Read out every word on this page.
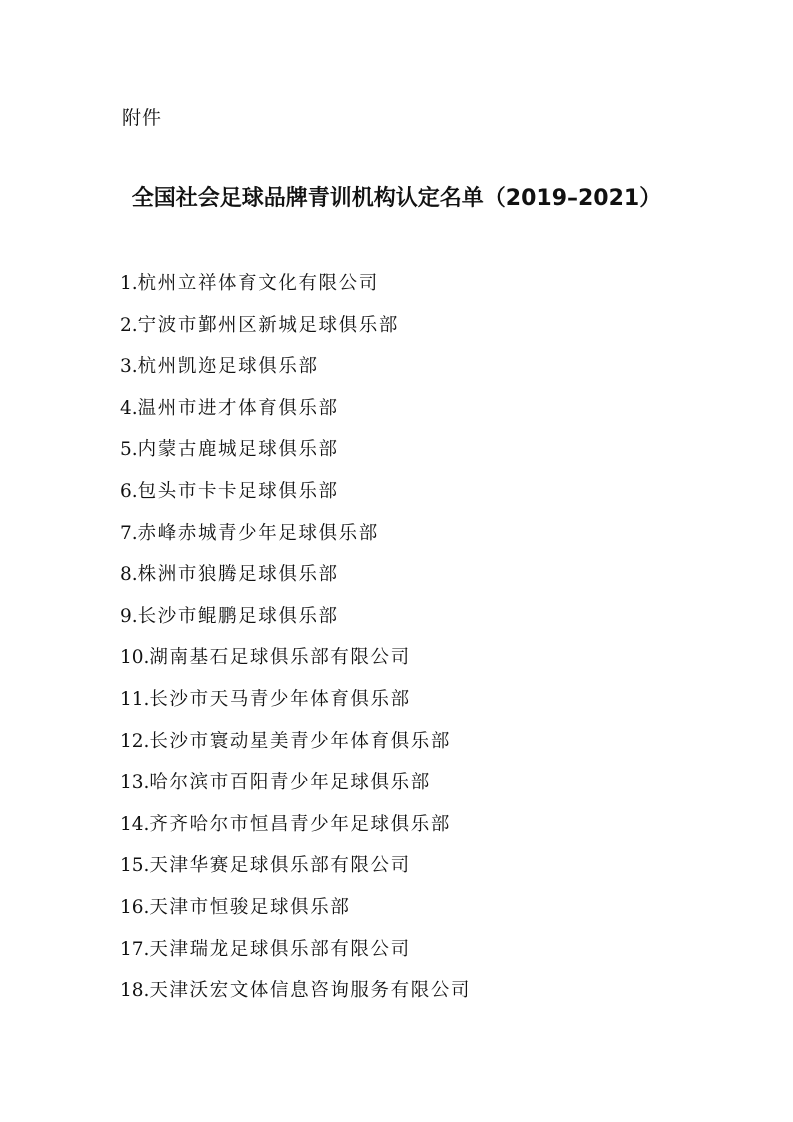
附件
全国社会足球品牌青训机构认定名单（2019–2021）
1. 杭州立祥体育文化有限公司
2. 宁波市鄞州区新城足球俱乐部
3. 杭州凯迩足球俱乐部
4. 温州市进才体育俱乐部
5. 内蒙古鹿城足球俱乐部
6. 包头市卡卡足球俱乐部
7. 赤峰赤城青少年足球俱乐部
8. 株洲市狼腾足球俱乐部
9. 长沙市鲲鹏足球俱乐部
10. 湖南基石足球俱乐部有限公司
11. 长沙市天马青少年体育俱乐部
12. 长沙市寰动星美青少年体育俱乐部
13. 哈尔滨市百阳青少年足球俱乐部
14. 齐齐哈尔市恒昌青少年足球俱乐部
15. 天津华赛足球俱乐部有限公司
16. 天津市恒骏足球俱乐部
17. 天津瑞龙足球俱乐部有限公司
18. 天津沃宏文体信息咨询服务有限公司
